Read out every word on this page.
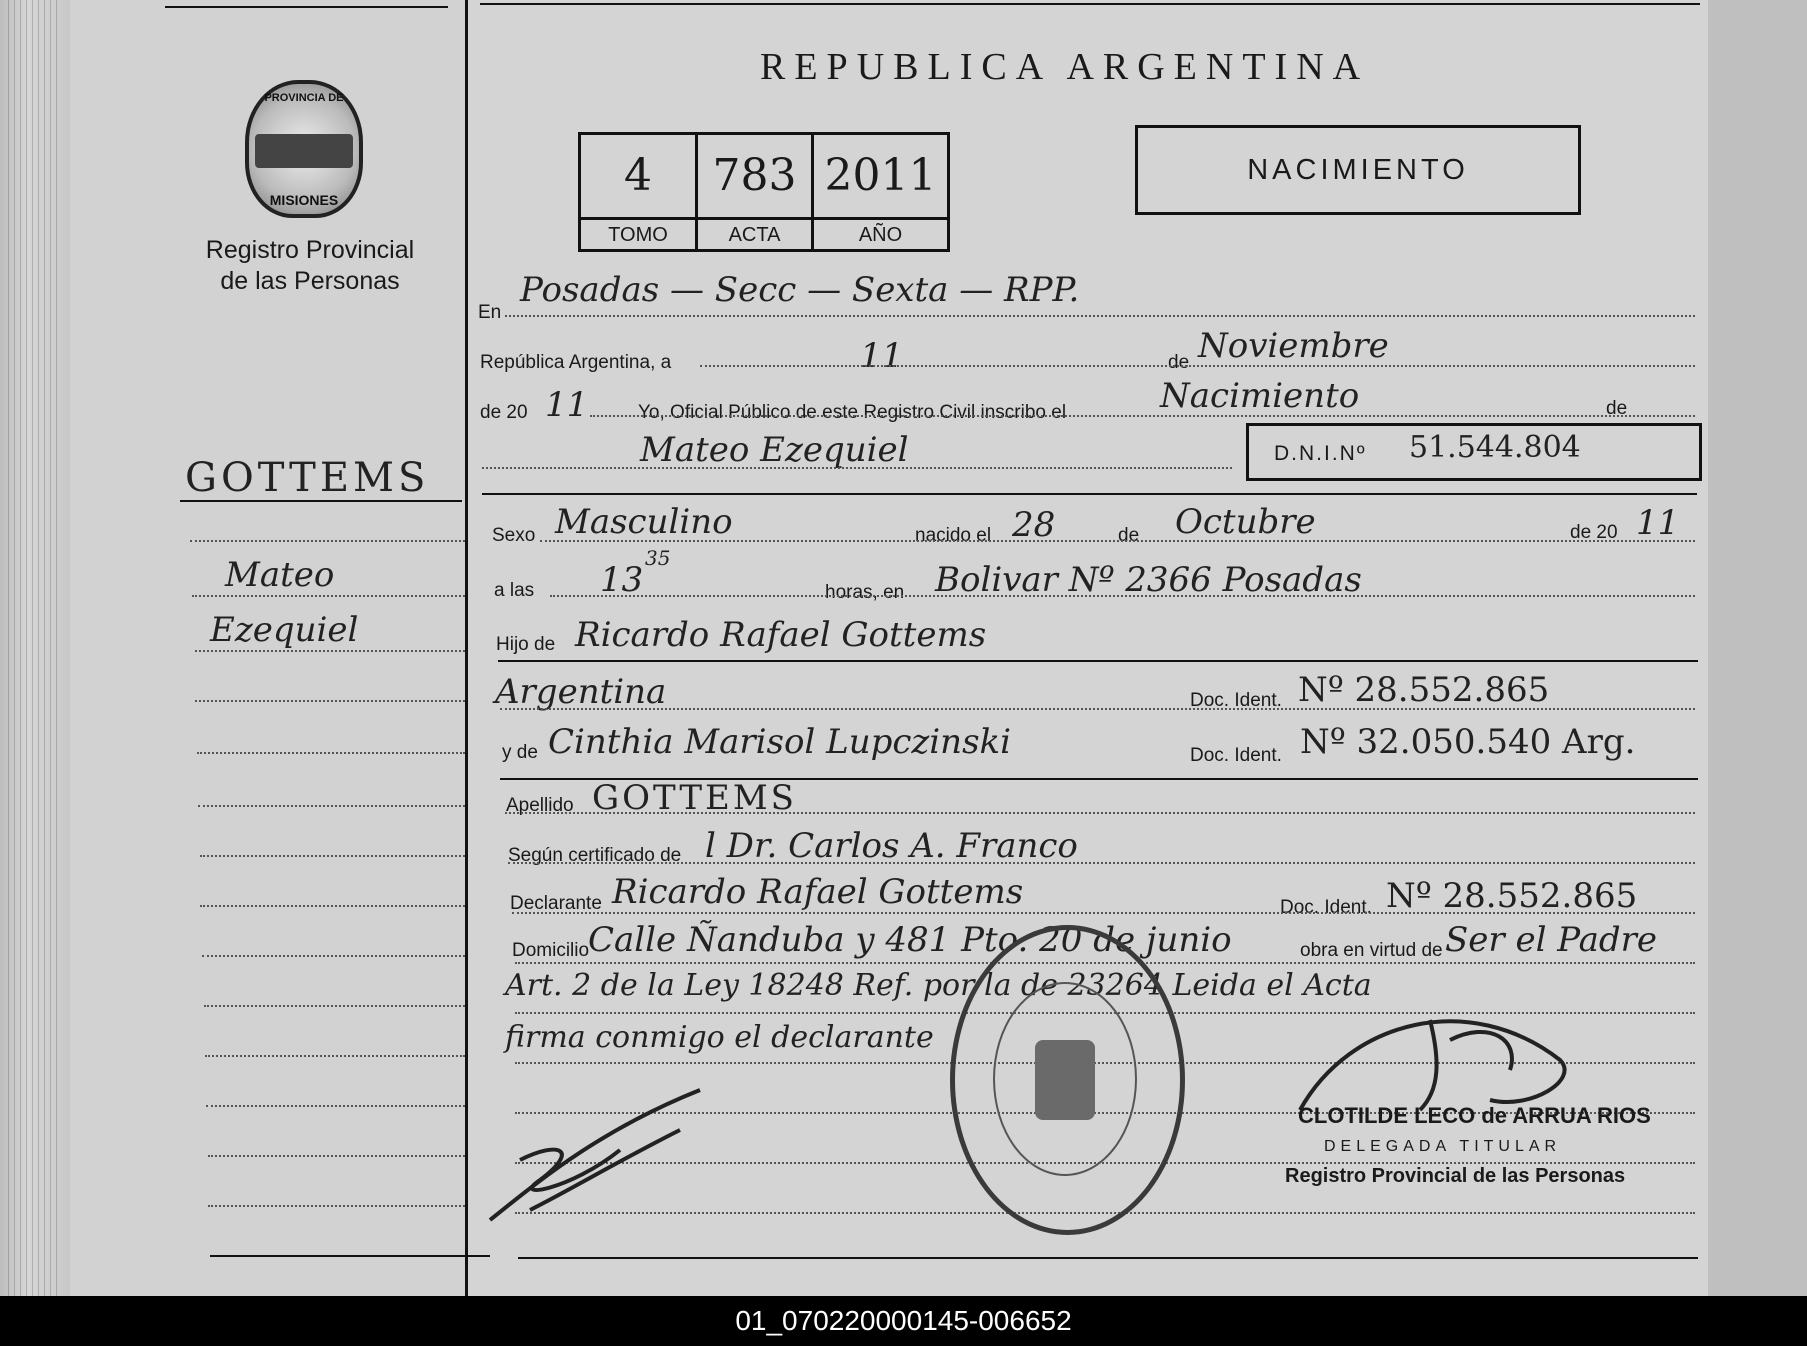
PROVINCIA DE
MISIONES
Registro Provincial
de las Personas
GOTTEMS
Mateo
Ezequiel
REPUBLICA ARGENTINA
4	783 2011
TOMO	ACTA	AÑO
NACIMIENTO
En
Posadas — Secc — Sexta — RPP.
República Argentina, a	11	de Noviembre
de 20 11	Yo, Oficial Público de este Registro Civil inscribo el	Nacimiento	de
Mateo Ezequiel	D.N.I.Nº 51.544.804
Sexo Masculino	nacido el 28	de Octubre	de 20 11
a las 13
35
horas, en Bolivar Nº 2366 Posadas
Hijo de Ricardo Rafael Gottems
Argentina	Doc. Ident. Nº 28.552.865
y de Cinthia Marisol Lupczinski	Doc. Ident. Nº 32.050.540 Arg.
Apellido GOTTEMS
Según certificado de l Dr. Carlos A. Franco
Declarante Ricardo Rafael Gottems	Doc. Ident. Nº 28.552.865
Domicilio
Calle Ñanduba y 481 Pto. 20 de junio	obra en virtud de Ser el Padre
Art. 2 de la Ley 18248 Ref. por la de 23264 Leida el Acta
firma conmigo el declarante
CLOTILDE LECO de ARRUA RIOS
DELEGADA TITULAR
Registro Provincial de las Personas
01_070220000145-006652
